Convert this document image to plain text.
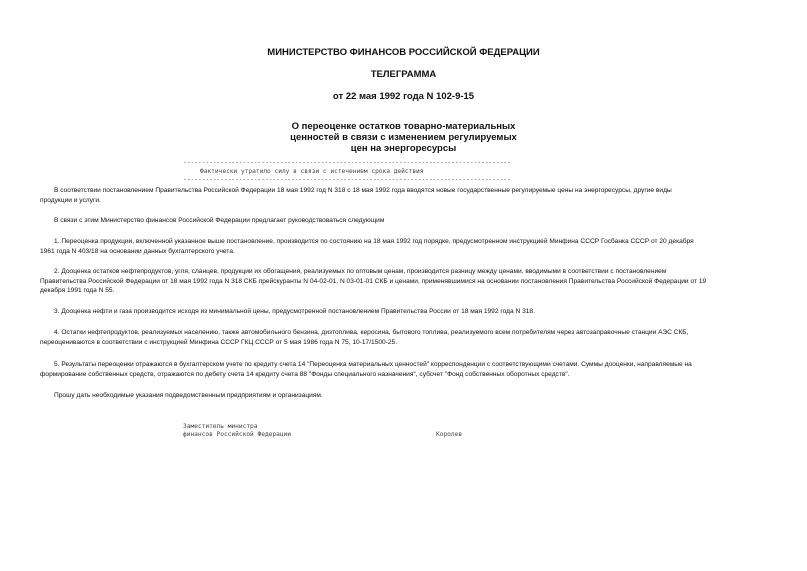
МИНИСТЕРСТВО ФИНАНСОВ РОССИЙСКОЙ ФЕДЕРАЦИИ
ТЕЛЕГРАММА
от 22 мая 1992 года N 102-9-15
О переоценке остатков товарно-материальных
ценностей в связи с изменением регулируемых
цен на энергоресурсы
----------------------------------------------------------------------------------------
Фактически утратило силу в связи с истечением срока действия
----------------------------------------------------------------------------------------
В соответствии постановлением Правительства Российской Федерации 18 мая 1992 год N 318 с 18 мая 1992 года вводятся новые государственные регулируемые цены на энергоресурсы, другие виды
продукции и услуги.
В связи с этим Министерство финансов Российской Федерации предлагает руководствоваться следующим
1. Переоценка продукции, включенной указанное выше постановление, производится по состоянию на 18 мая 1992 год порядке, предусмотренном инструкцией Минфина СССР Госбанка СССР от 20 декабря
1961 года N 403/18 на основании данных бухгалтерского учета.
2. Дооценка остатков нефтепродуктов, угля, сланцев, продукции их обогащения, реализуемых по оптовым ценам, производится разницу между ценами, вводимыми в соответствии с постановлением
Правительства Российской Федерации от 18 мая 1992 года N 318 СКБ прейскуранты N 04-02-01, N 03-01-01 СКБ и ценами, применявшимися на основании постановления Правительства Российской Федерации от 19
декабря 1991 года N 55.
3. Дооценка нефти и газа производится исходя из минимальной цены, предусмотренной постановлением Правительства России от 18 мая 1992 года N 318.
4. Остатки нефтепродуктов, реализуемых населению, также автомобильного бензина, дизтоплива, керосина, бытового топлива, реализуемого всем потребителям через автозаправочные станции АЭС СКБ,
переоцениваются в соответствии с инструкцией Минфина СССР ГКЦ СССР от 5 мая 1986 года N 75, 10-17/1500-25.
5. Результаты переоценки отражаются в бухгалтерском учете по кредиту счета 14 "Переоценка материальных ценностей" корреспонденции с соответствующими счетами. Суммы дооценки, направляемые на
формирование собственных средств, отражаются по дебету счета 14 кредиту счета 88 "Фонды специального назначения", субсчет "Фонд собственных оборотных средств".
Прошу дать необходимые указания подведомственным предприятиям и организациям.
Заместитель министра
финансов Российской Федерации	Королев
